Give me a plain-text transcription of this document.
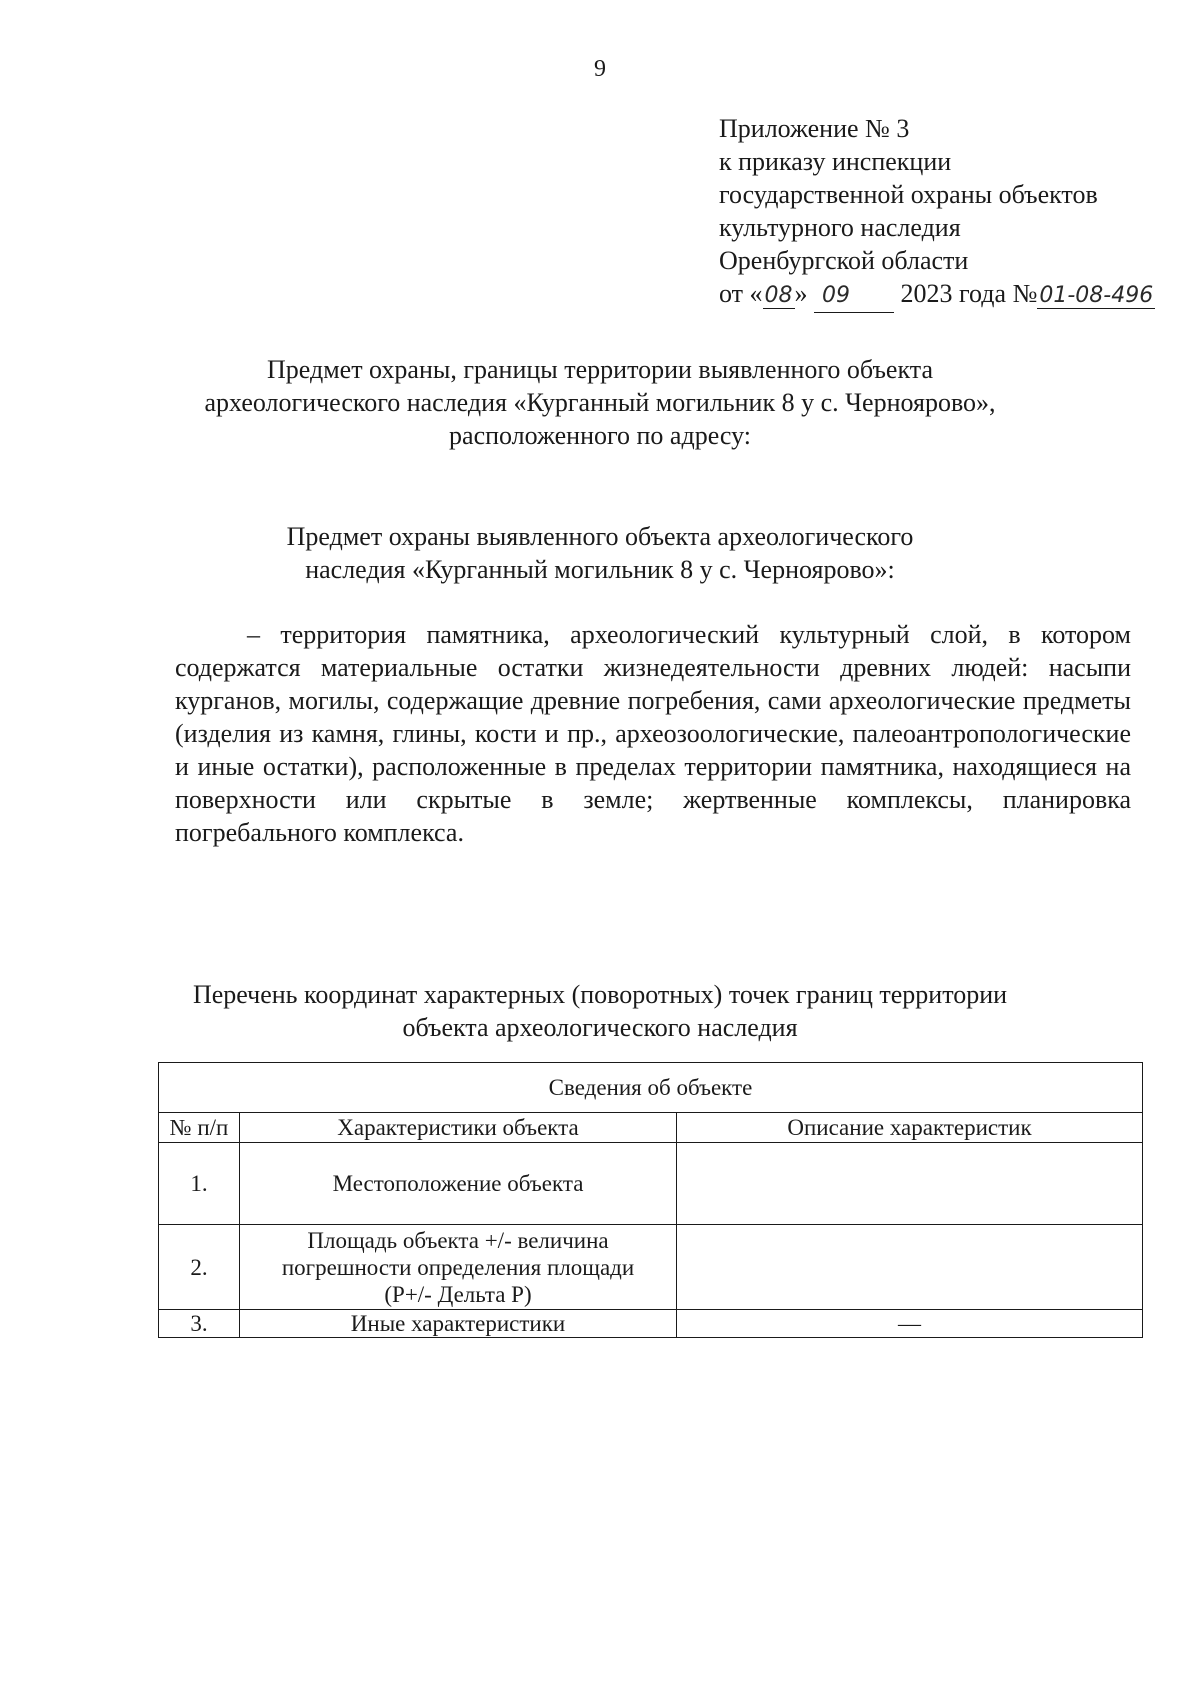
9
Приложение № 3
к приказу инспекции
государственной охраны объектов
культурного наследия
Оренбургской области
от «08» 09 2023 года №01-08-496
Предмет охраны, границы территории выявленного объекта
археологического наследия «Курганный могильник 8 у с. Черноярово»,
расположенного по адресу:
Предмет охраны выявленного объекта археологического
наследия «Курганный могильник 8 у с. Черноярово»:

– территория памятника, археологический культурный слой, в котором содержатся материальные остатки жизнедеятельности древних людей: насыпи курганов, могилы, содержащие древние погребения, сами археологические предметы (изделия из камня, глины, кости и пр., археозоологические, палеоантропологические и иные остатки), расположенные в пределах территории памятника, находящиеся на поверхности или скрытые в земле; жертвенные комплексы, планировка погребального комплекса.

Перечень координат характерных (поворотных) точек границ территории
объекта археологического наследия
Сведения об объекте		
№ п/п	Характеристики объекта	Описание характеристик
1.	Местоположение объекта	
2.	Площадь объекта +/- величина
погрешности определения площади
(Р+/- Дельта Р)	

3.	Иные характеристики	—
